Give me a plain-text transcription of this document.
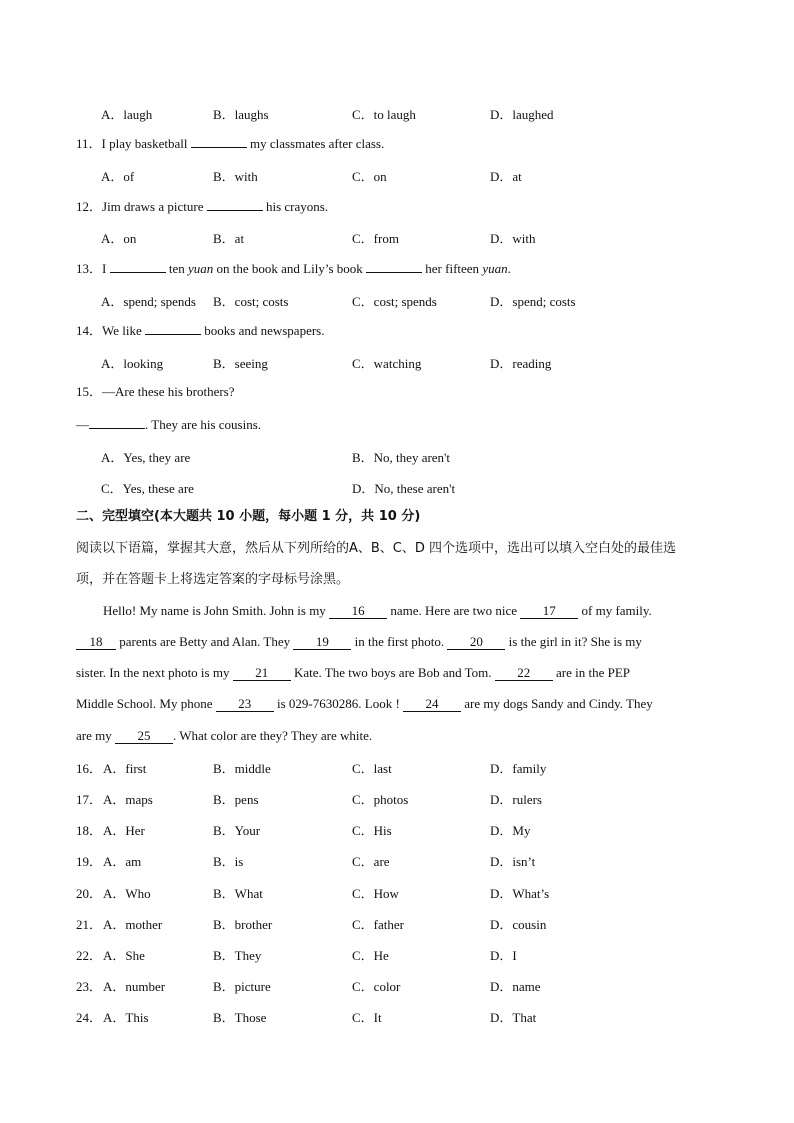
A．laugh	B．laughs	C．to laugh	D．laughed
11．I play basketball	my classmates after class.
A．of	B．with	C．on	D．at
12．Jim draws a picture	his crayons.
A．on	B．at	C．from	D．with
13．I	ten yuan on the book and Lily’s book	her fifteen yuan.
A．spend; spends B．cost; costs	C．cost; spends	D．spend; costs
14．We like	books and newspapers.
A．looking	B．seeing	C．watching	D．reading
15．—Are these his brothers?
—	. They are his cousins.
A．Yes, they are	B．No, they aren't
C．Yes, these are	D．No, these aren't
二、完型填空(本大题共 10 小题，每小题 1 分，共 10 分)
阅读以下语篇，掌握其大意，然后从下列所给的A、B、C、D 四个选项中，选出可以填入空白处的最佳选
项，并在答题卡上将选定答案的字母标号涂黑。
Hello! My name is John Smith. John is my 16 name. Here are two nice 17 of my family.
18 parents are Betty and Alan. They 19 in the first photo. 20 is the girl in it? She is my
sister. In the next photo is my 21 Kate. The two boys are Bob and Tom. 22 are in the PEP
Middle School. My phone 23 is 029-7630286. Look ! 24 are my dogs Sandy and Cindy. They
are my 25 . What color are they? They are white.
16． A．first	B．middle	C．last	D．family
17． A．maps	B．pens	C．photos	D．rulers
18． A．Her	B．Your	C．His	D．My
19． A．am	B．is	C．are	D．isn’t
20． A．Who	B．What	C．How	D．What’s
21． A．mother	B．brother	C．father	D．cousin
22． A．She	B．They	C．He	D．I
23． A．number	B．picture	C．color	D．name
24． A．This	B．Those	C．It	D．That
